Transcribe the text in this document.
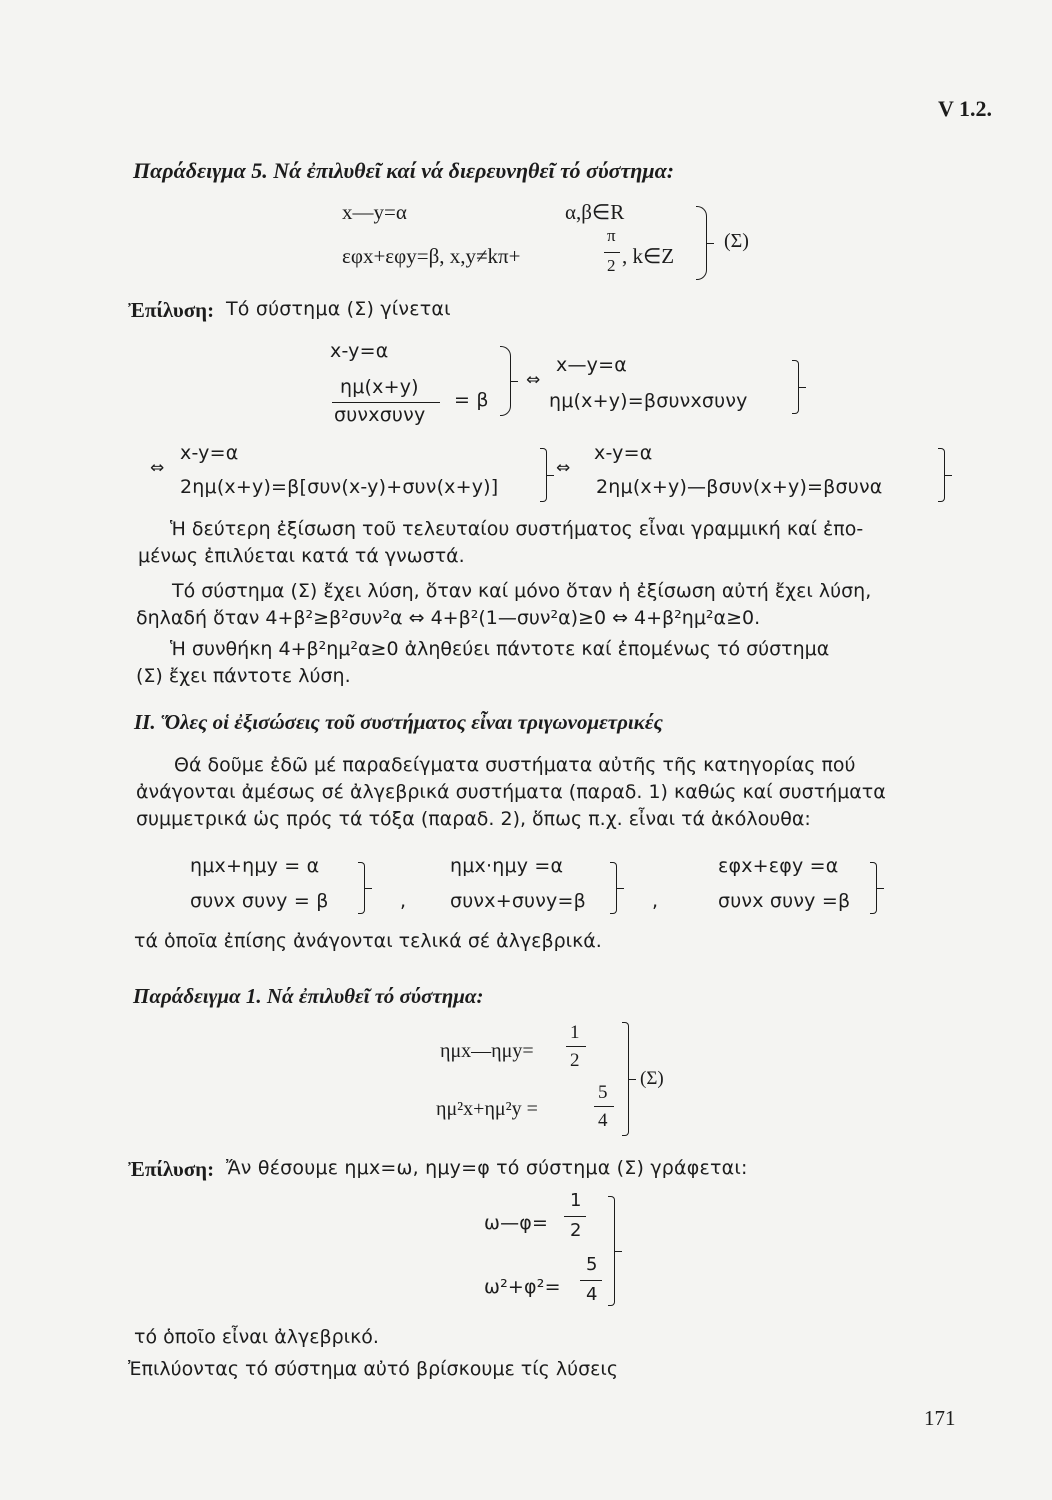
V 1.2.
Παράδειγμα 5. Νά ἐπιλυθεῖ καί νά διερευνηθεῖ τό σύστημα:
x—y=α	α,β∈R
εφx+εφy=β, x,y≠kπ+
π
2 , k∈Z
(Σ)
Ἐπίλυση: Τό σύστημα (Σ) γίνεται
x-y=α
ημ(x+y)
συνxσυνy
= β
⇔
x—y=α
ημ(x+y)=βσυνxσυνy
⇔
x-y=α
2ημ(x+y)=β[συν(x-y)+συν(x+y)]
⇔
x-y=α
2ημ(x+y)—βσυν(x+y)=βσυνα
Ἡ δεύτερη ἐξίσωση τοῦ τελευταίου συστήματος εἶναι γραμμική καί ἐπο-
μένως ἐπιλύεται κατά τά γνωστά.
Τό σύστημα (Σ) ἔχει λύση, ὅταν καί μόνο ὅταν ἡ ἐξίσωση αὐτή ἔχει λύση,
δηλαδή ὅταν 4+β²≥β²συν²α ⇔ 4+β²(1—συν²α)≥0 ⇔ 4+β²ημ²α≥0.
Ἡ συνθήκη 4+β²ημ²α≥0 ἀληθεύει πάντοτε καί ἑπομένως τό σύστημα
(Σ) ἔχει πάντοτε λύση.
II. Ὅλες οἱ ἐξισώσεις τοῦ συστήματος εἶναι τριγωνομετρικές
Θά δοῦμε ἐδῶ μέ παραδείγματα συστήματα αὐτῆς τῆς κατηγορίας πού
ἀνάγονται ἀμέσως σέ ἀλγεβρικά συστήματα (παραδ. 1) καθώς καί συστήματα
συμμετρικά ὡς πρός τά τόξα (παραδ. 2), ὅπως π.χ. εἶναι τά ἀκόλουθα:
ημx+ημy = α
συνx συνy = β	,
ημx·ημy =α
συνx+συνy=β	,
εφx+εφy =α
συνx συνy =β
τά ὁποῖα ἐπίσης ἀνάγονται τελικά σέ ἀλγεβρικά.
Παράδειγμα 1. Νά ἐπιλυθεῖ τό σύστημα:
ημx—ημy=
1
2
ημ²x+ημ²y =
5
4
(Σ)
Ἐπίλυση: Ἄν θέσουμε ημx=ω, ημy=φ τό σύστημα (Σ) γράφεται:
ω—φ=
1
2
ω²+φ²=
5
4
τό ὁποῖο εἶναι ἀλγεβρικό.
Ἐπιλύοντας τό σύστημα αὐτό βρίσκουμε τίς λύσεις
171
